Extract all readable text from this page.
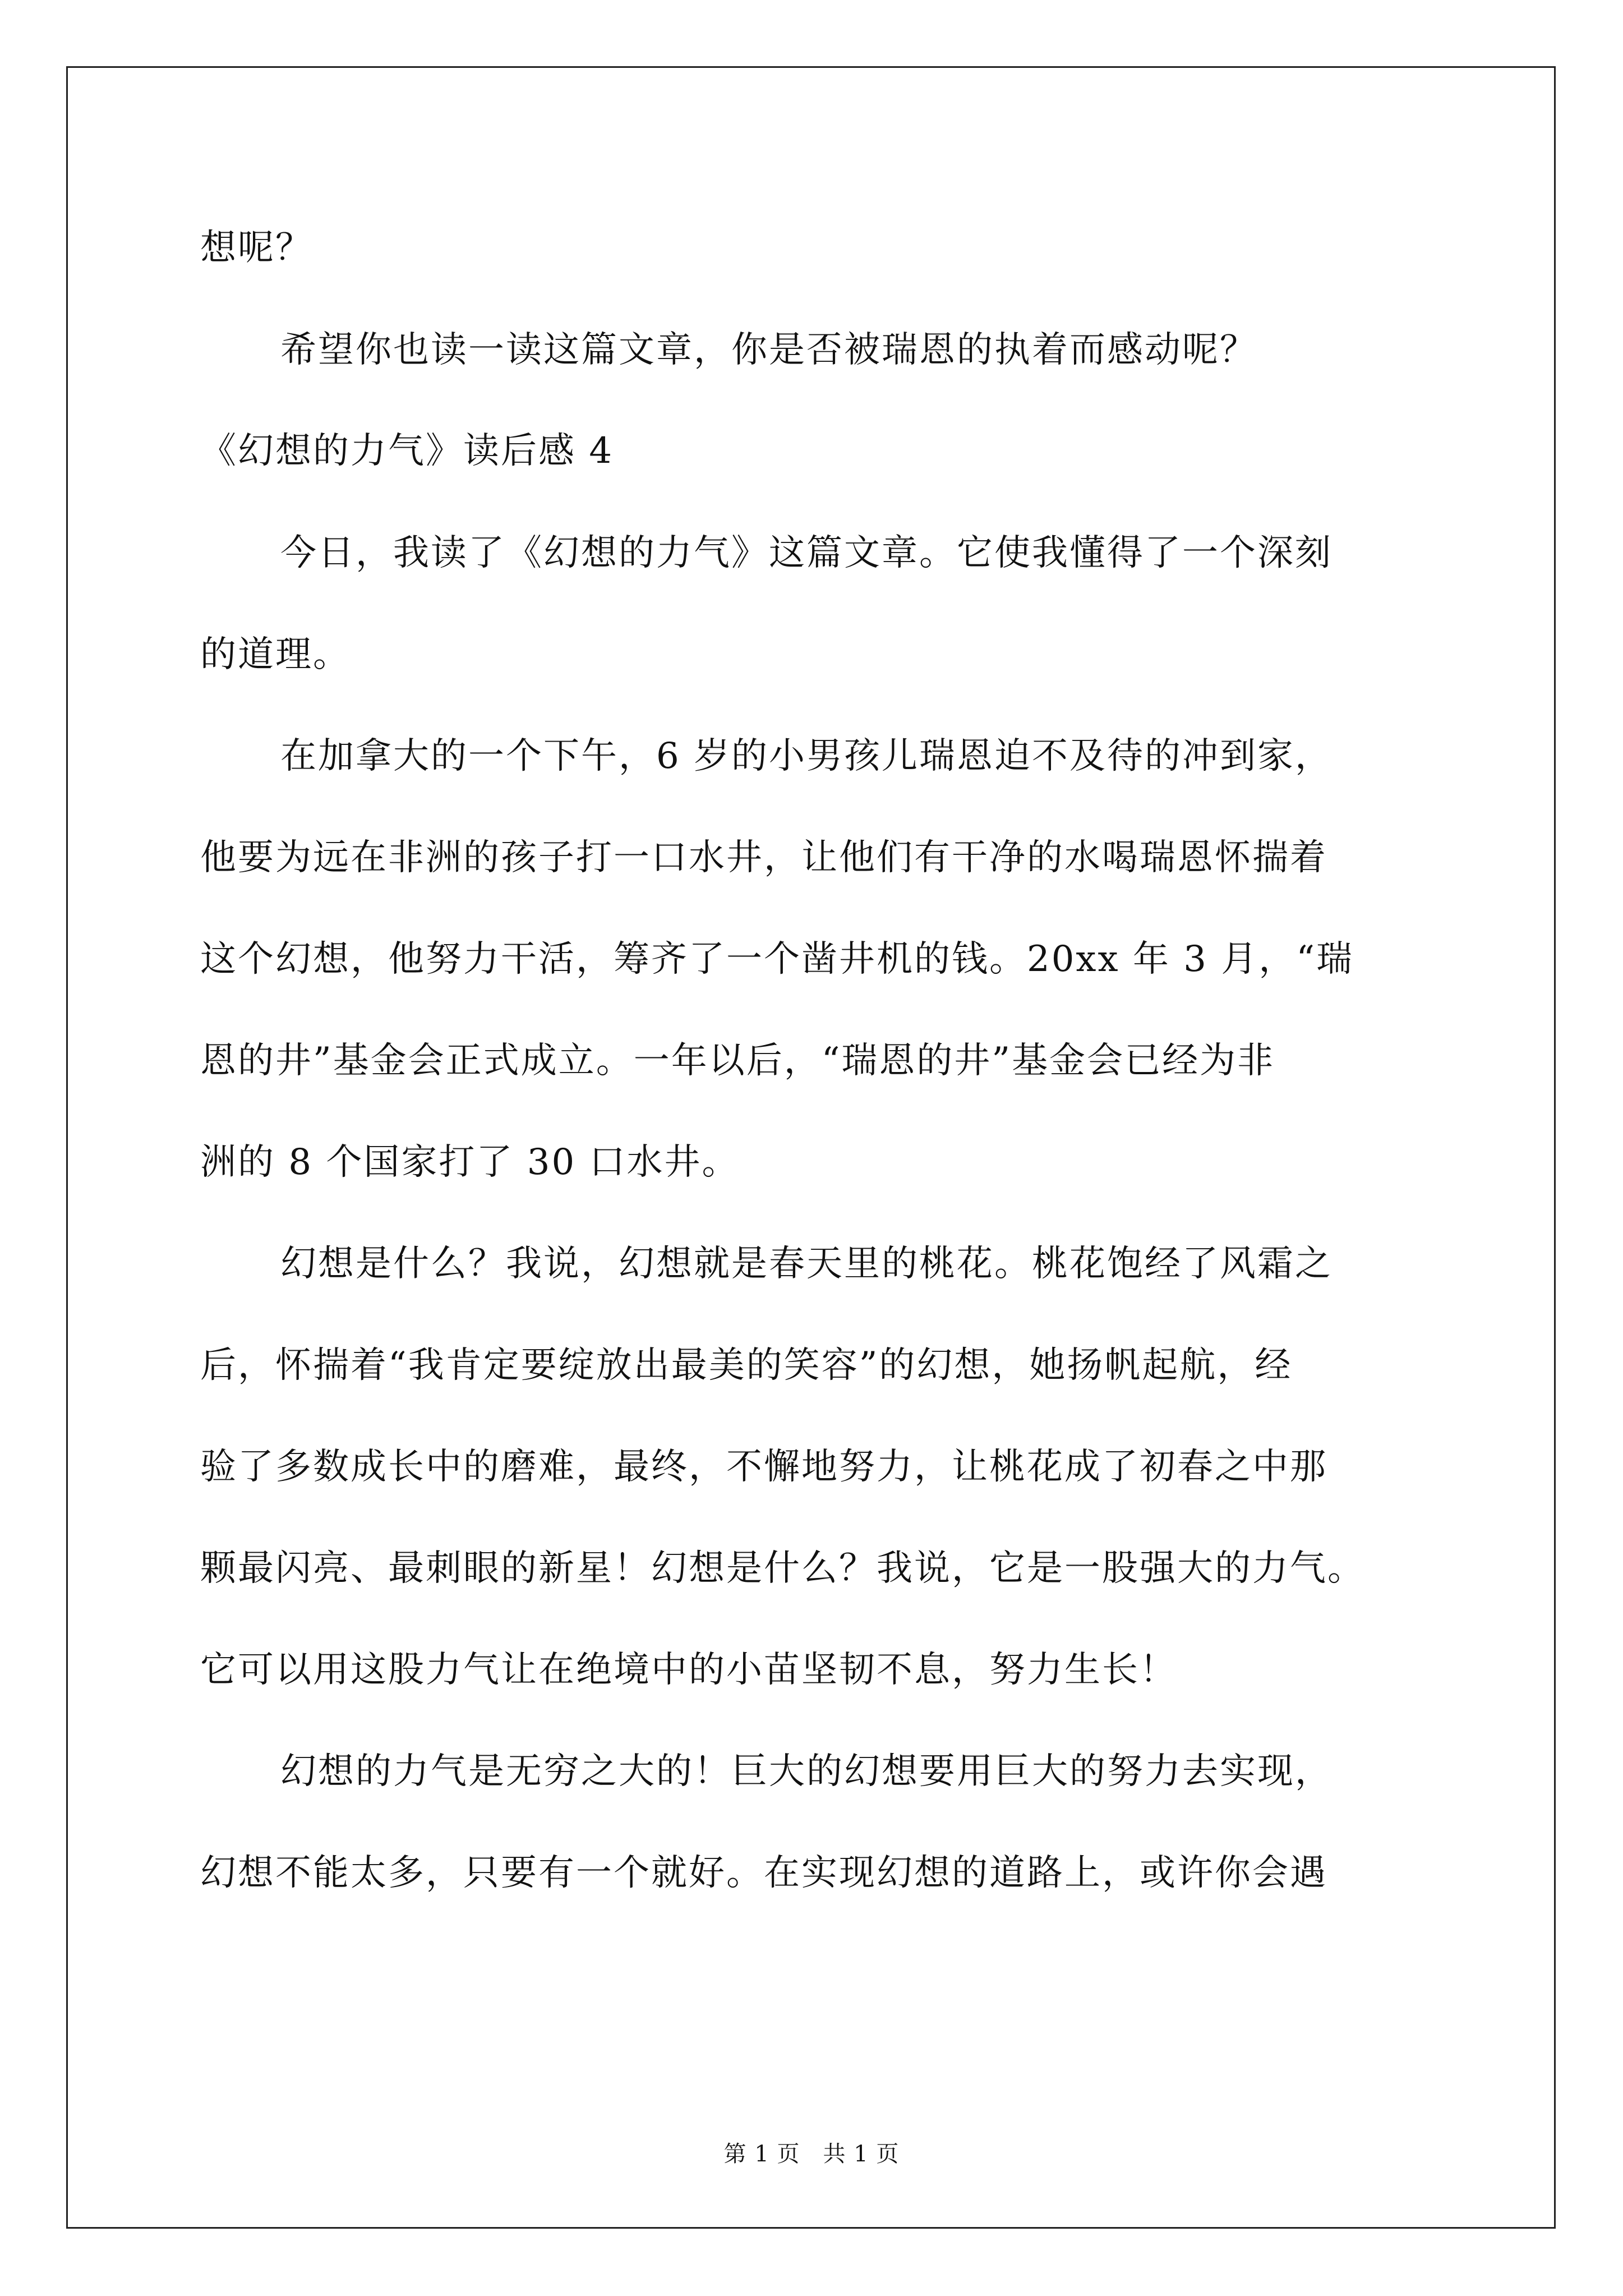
想呢？
希望你也读一读这篇文章，你是否被瑞恩的执着而感动呢？
《幻想的力气》读后感 4
今日，我读了《幻想的力气》这篇文章。它使我懂得了一个深刻
的道理。
在加拿大的一个下午，6 岁的小男孩儿瑞恩迫不及待的冲到家，
他要为远在非洲的孩子打一口水井，让他们有干净的水喝瑞恩怀揣着
这个幻想，他努力干活，筹齐了一个凿井机的钱。20xx 年 3 月，“瑞
恩的井”基金会正式成立。一年以后，“瑞恩的井”基金会已经为非
洲的 8 个国家打了 30 口水井。
幻想是什么？我说，幻想就是春天里的桃花。桃花饱经了风霜之
后，怀揣着“我肯定要绽放出最美的笑容”的幻想，她扬帆起航，经
验了多数成长中的磨难，最终，不懈地努力，让桃花成了初春之中那
颗最闪亮、最刺眼的新星！幻想是什么？我说，它是一股强大的力气。
它可以用这股力气让在绝境中的小苗坚韧不息，努力生长！
幻想的力气是无穷之大的！巨大的幻想要用巨大的努力去实现，
幻想不能太多，只要有一个就好。在实现幻想的道路上，或许你会遇
第 1 页　共 1 页
